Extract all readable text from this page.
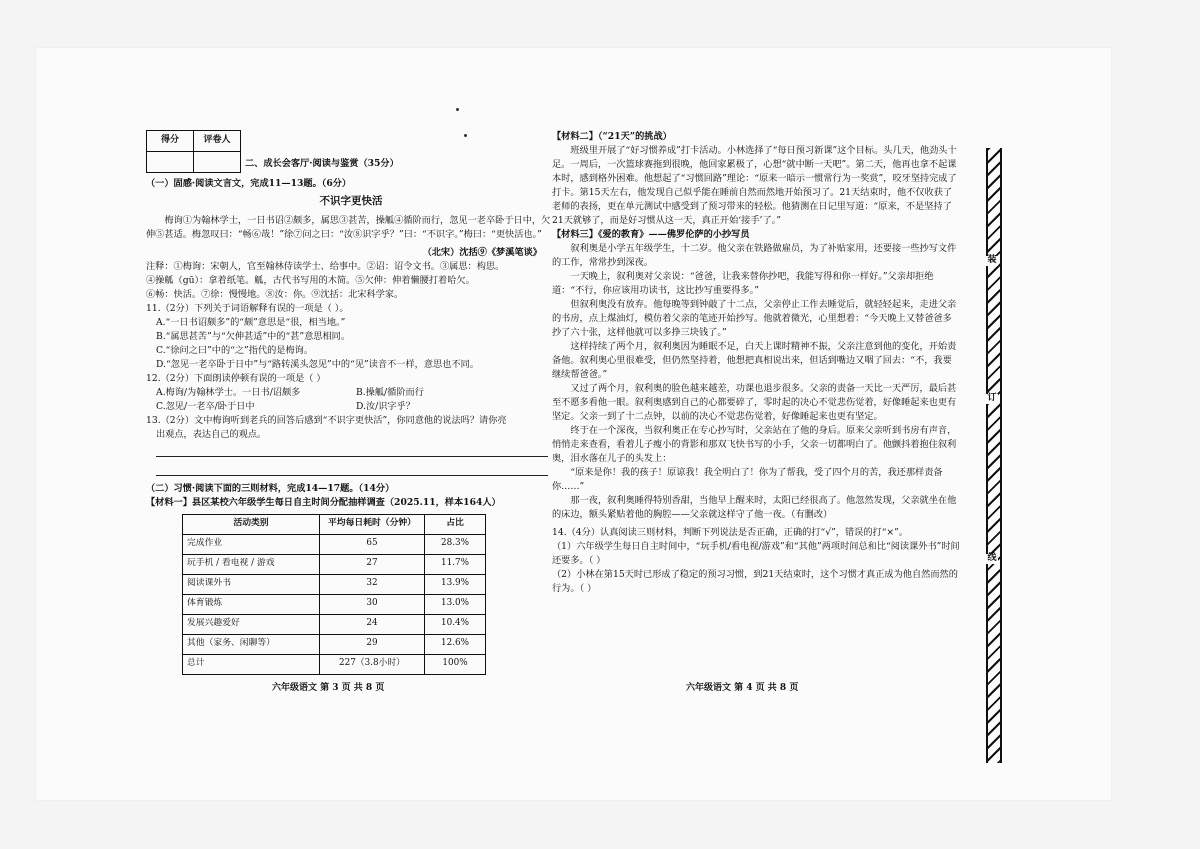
得分	评卷人

二、成长会客厅·阅读与鉴赏（35分）

（一）固感·阅读文言文，完成11—13题。（6分）

不识字更快活

梅询①为翰林学士，一日书诏②颇多，属思③甚苦，操觚④循阶而行，忽见一老卒卧于日中，欠伸⑤甚适。梅忽叹曰：“畅⑥哉！”徐⑦问之曰：“汝⑧识字乎？”曰：“不识字。”梅曰：“更快活也。”

（北宋）沈括⑨《梦溪笔谈》

注释：①梅询：宋朝人，官至翰林侍读学士、给事中。②诏：诏令文书。③属思：构思。

④操觚（gū）：拿着纸笔。觚，古代书写用的木简。⑤欠伸：伸着懒腰打着哈欠。

⑥畅：快活。⑦徐：慢慢地。⑧汝：你。⑨沈括：北宋科学家。

11.（2分）下列关于词语解释有误的一项是（ ）。

A.“一日书诏颇多”的“颇”意思是“很，相当地。”

B.“属思甚苦”与“欠伸甚适”中的“甚”意思相同。

C.“徐问之曰”中的“之”指代的是梅询。

D.“忽见一老卒卧于日中”与“路转溪头忽见”中的“见”读音不一样，意思也不同。

12.（2分）下面朗读停顿有误的一项是（ ）

A.梅询/为翰林学士。一日书/诏颇多	B.操觚/循阶而行
C.忽见/一老卒/卧于日中	D.汝/识字乎？

13.（2分）文中梅询听到老兵的回答后感到“不识字更快活”，你同意他的说法吗？请你亮

出观点，表达自己的观点。

（二）习惯·阅读下面的三则材料，完成14—17题。（14分）

【材料一】县区某校六年级学生每日自主时间分配抽样调查（2025.11，样本164人）

活动类别	平均每日耗时（分钟）	占比
完成作业	65	28.3%
玩手机 / 看电视 / 游戏	27	11.7%
阅读课外书	32	13.9%
体育锻炼	30	13.0%
发展兴趣爱好	24	10.4%
其他（家务、闲聊等）	29	12.6%
总计	227（3.8小时）	100%
六年级语文 第 3 页 共 8 页

【材料二】（“21天”的挑战）

班级里开展了“好习惯养成”打卡活动。小林选择了“每日预习新课”这个目标。头几天，他劲头十足。一周后，一次篮球赛拖到很晚，他回家累极了，心想“就中断一天吧”。第二天，他再也拿不起课本时，感到格外困难。他想起了“习惯回路”理论：“原来一暗示一惯常行为一奖赏”，咬牙坚持完成了打卡。第15天左右，他发现自己似乎能在睡前自然而然地开始预习了。21天结束时，他不仅收获了老师的表扬，更在单元测试中感受到了预习带来的轻松。他猜测在日记里写道：“原来，不是坚持了21天就够了，而是好习惯从这一天，真正开始‘接手’了。”

【材料三】《爱的教育》——佛罗伦萨的小抄写员

叙利奥是小学五年级学生，十二岁。他父亲在铁路做雇员，为了补贴家用，还要接一些抄写文件的工作，常常抄到深夜。

一天晚上，叙利奥对父亲说：“爸爸，让我来替你抄吧，我能写得和你一样好。”父亲却拒绝道：“不行，你应该用功读书，这比抄写重要得多。”

但叙利奥没有放弃。他每晚等到钟敲了十二点，父亲停止工作去睡觉后，就轻轻起来，走进父亲的书房，点上煤油灯，模仿着父亲的笔迹开始抄写。他就着微光，心里想着：“今天晚上又替爸爸多抄了六十张，这样他就可以多挣三块钱了。”

这样持续了两个月，叙利奥因为睡眠不足，白天上课时精神不振，父亲注意到他的变化，开始责备他。叙利奥心里很难受，但仍然坚持着，他想把真相说出来，但话到嘴边又咽了回去：“不，我要继续帮爸爸。”

又过了两个月，叙利奥的脸色越来越差，功课也退步很多。父亲的责备一天比一天严厉，最后甚至不愿多看他一眼。叙利奥感到自己的心都要碎了，零时起的决心不觉悲伤觉着，好像睡起来也更有坚定。父亲一到了十二点钟，以前的决心不觉悲伤觉着，好像睡起来也更有坚定。

终于在一个深夜，当叙利奥正在专心抄写时，父亲站在了他的身后。原来父亲听到书房有声音，悄悄走来查看，看着儿子瘦小的背影和那双飞快书写的小手，父亲一切都明白了。他颤抖着抱住叙利奥，泪水落在儿子的头发上：

“原来是你！我的孩子！原谅我！我全明白了！你为了帮我，受了四个月的苦，我还那样责备你……”

那一夜，叙利奥睡得特别香甜，当他早上醒来时，太阳已经很高了。他忽然发现，父亲就坐在他的床边，额头紧贴着他的胸腔——父亲就这样守了他一夜。（有删改）

14.（4分）认真阅读三则材料，判断下列说法是否正确，正确的打“√”，错误的打“×”。

（1）六年级学生每日自主时间中，“玩手机/看电视/游戏”和“其他”两项时间总和比“阅读课外书”时间还要多。（ ）

（2）小林在第15天时已形成了稳定的预习习惯，到21天结束时，这个习惯才真正成为他自然而然的行为。（ ）

六年级语文 第 4 页 共 8 页
装
订
线
